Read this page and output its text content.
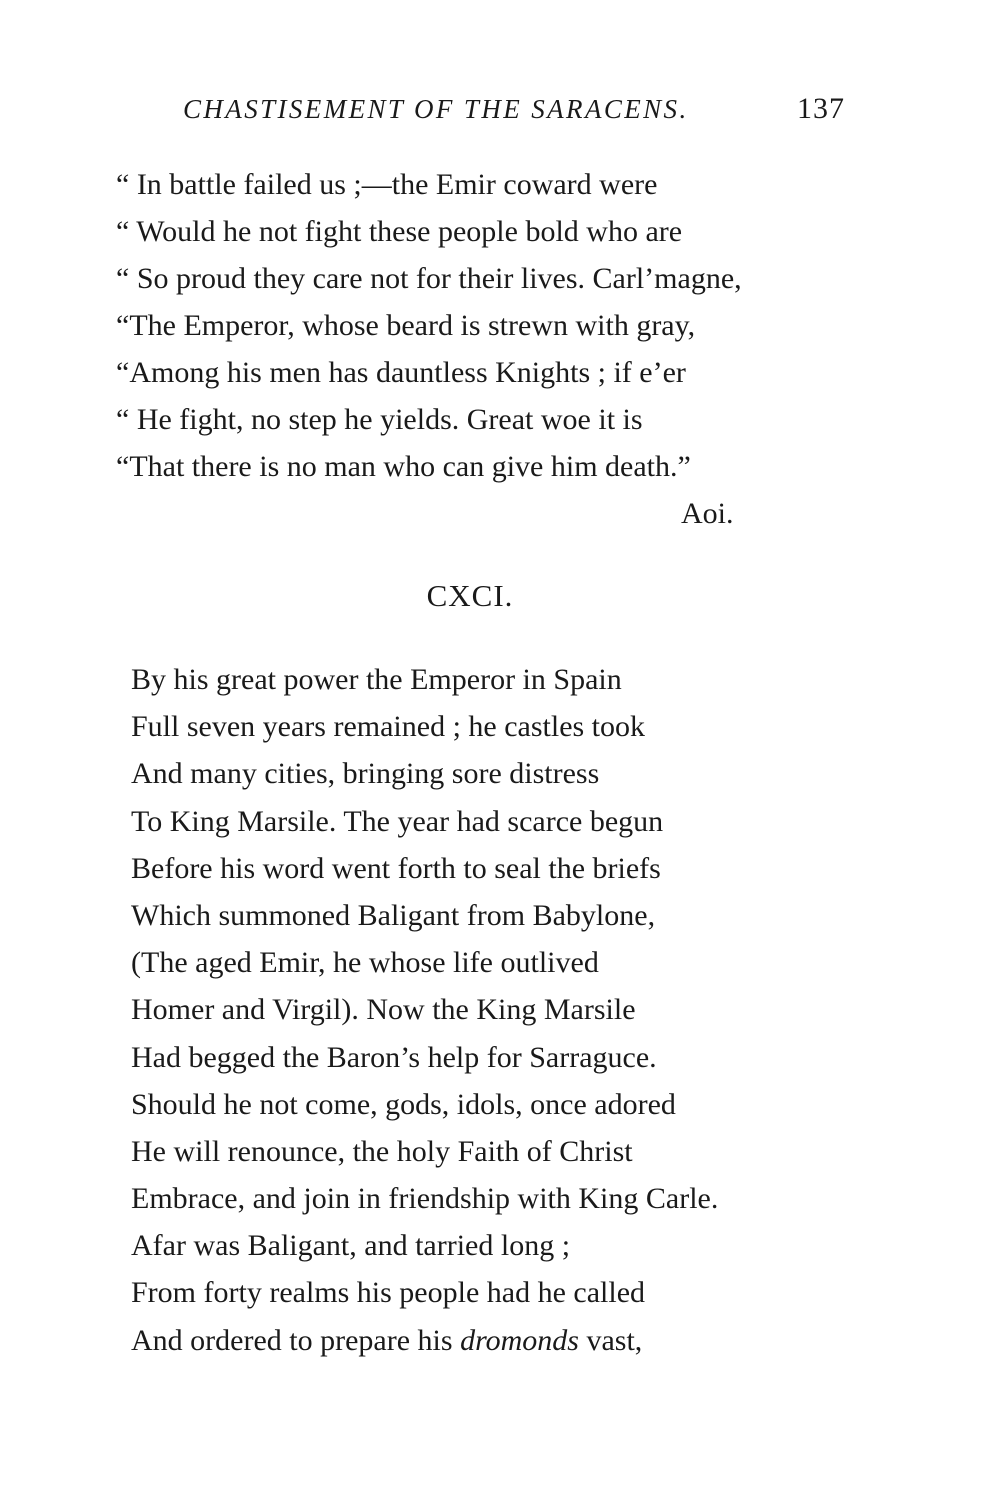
CHASTISEMENT OF THE SARACENS.	137
“ In battle failed us ;—the Emir coward were
“ Would he not fight these people bold who are
“ So proud they care not for their lives. Carl’magne,
“The Emperor, whose beard is strewn with gray,
“Among his men has dauntless Knights ; if e’er
“ He fight, no step he yields. Great woe it is
“That there is no man who can give him death.”
Aoi.
CXCI.
By his great power the Emperor in Spain
Full seven years remained ; he castles took
And many cities, bringing sore distress
To King Marsile. The year had scarce begun
Before his word went forth to seal the briefs
Which summoned Baligant from Babylone,
(The aged Emir, he whose life outlived
Homer and Virgil). Now the King Marsile
Had begged the Baron’s help for Sarraguce.
Should he not come, gods, idols, once adored
He will renounce, the holy Faith of Christ
Embrace, and join in friendship with King Carle.
Afar was Baligant, and tarried long ;
From forty realms his people had he called
And ordered to prepare his dromonds vast,
